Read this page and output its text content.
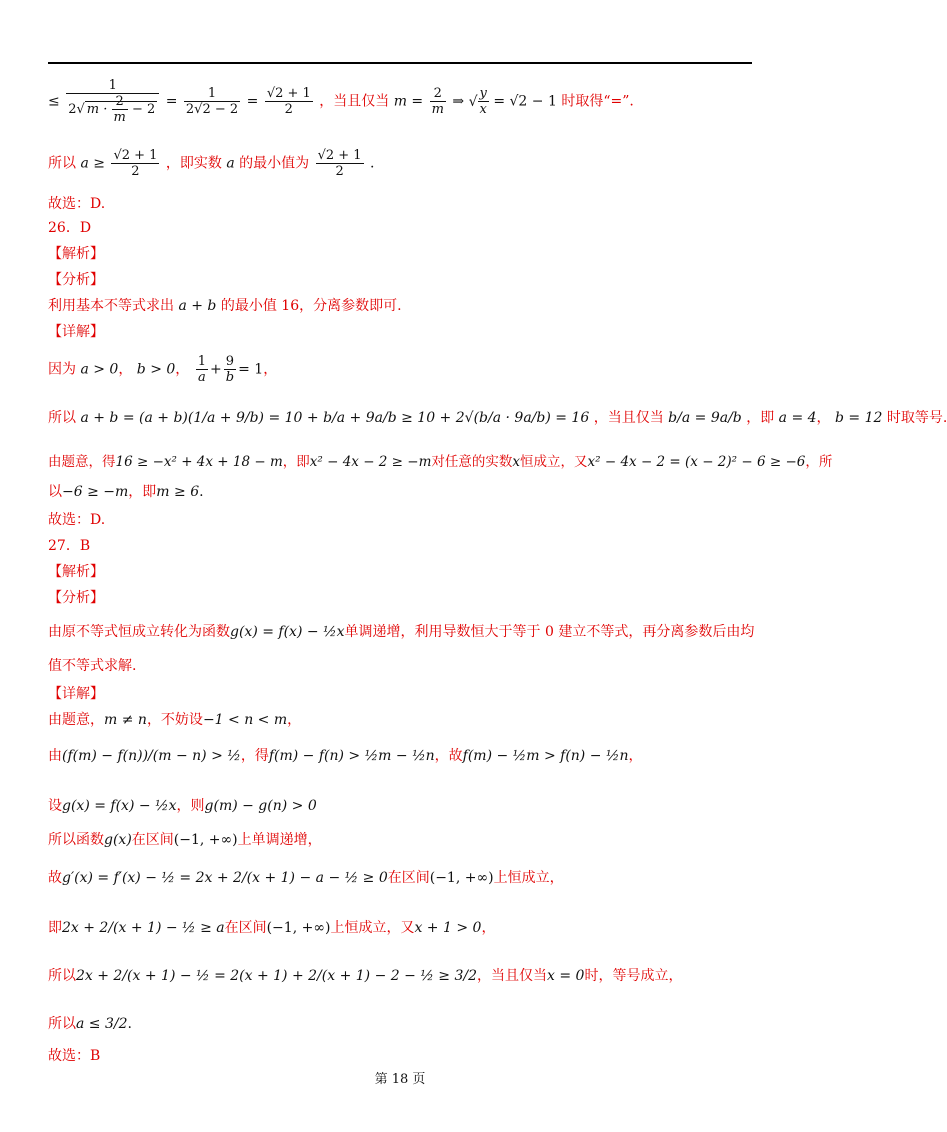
≤ $\frac{1}{2√ m \cdot \frac{2}{m} - 2} = \frac{1}{2√2 - 2} = \frac{√2 + 1}{2}$ ，当且仅当 $m = \frac{2}{m}$ ⇒ √ $\frac{y}{x} = √2 - 1$ 时取得“=”.
所以 $a \ge \frac{√2 + 1}{2}$ ，即实数 a 的最小值为 $\frac{√2 + 1}{2}$ .
故选：D.
26．D
【解析】
【分析】
利用基本不等式求出 a + b 的最小值 16，分离参数即可.
【详解】
因为 a > 0， b > 0， $\frac{1}{a} + \frac{9}{b} = 1$，
所以 a + b = (a + b)(1/a + 9/b) = 10 + b/a + 9a/b ≥ 10 + 2√(b/a · 9a/b) = 16 ，当且仅当 b/a = 9a/b ，即 a = 4， b = 12 时取等号.
由题意，得16 ≥ −x² + 4x + 18 − m，即x² − 4x − 2 ≥ −m对任意的实数x恒成立，又x² − 4x − 2 = (x − 2)² − 6 ≥ −6，所
以−6 ≥ −m，即m ≥ 6.
故选：D.
27．B
【解析】
【分析】
由原不等式恒成立转化为函数g(x) = f(x) − ½x单调递增，利用导数恒大于等于 0 建立不等式，再分离参数后由均
值不等式求解.
【详解】
由题意，m ≠ n，不妨设−1 < n < m，
由(f(m) − f(n))/(m − n) > ½，得f(m) − f(n) > ½m − ½n，故f(m) − ½m > f(n) − ½n，
设g(x) = f(x) − ½x，则g(m) − g(n) > 0
所以函数g(x)在区间(−1, +∞)上单调递增，
故g′(x) = f′(x) − ½ = 2x + 2/(x + 1) − a − ½ ≥ 0在区间(−1, +∞)上恒成立，
即2x + 2/(x + 1) − ½ ≥ a在区间(−1, +∞)上恒成立，又x + 1 > 0，
所以2x + 2/(x + 1) − ½ = 2(x + 1) + 2/(x + 1) − 2 − ½ ≥ 3/2，当且仅当x = 0时，等号成立，
所以a ≤ 3/2.
故选：B
第 18 页
